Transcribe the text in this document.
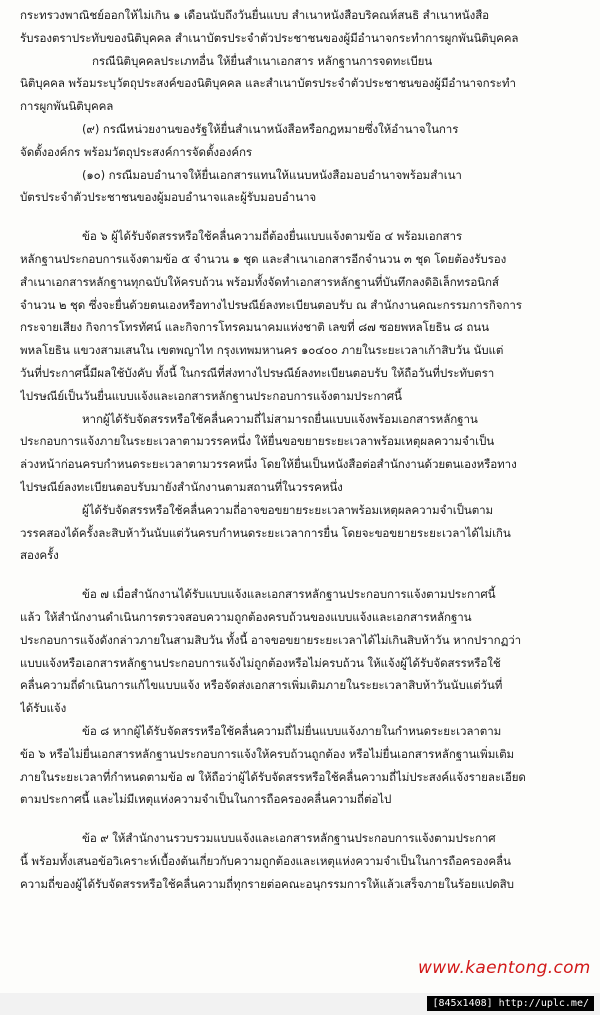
กระทรวงพาณิชย์ออกให้ไม่เกิน ๑ เดือนนับถึงวันยื่นแบบ สำเนาหนังสือบริคณห์สนธิ สำเนาหนังสือ
รับรองตราประทับของนิติบุคคล สำเนาบัตรประจำตัวประชาชนของผู้มีอำนาจกระทำการผูกพันนิติบุคคล
กรณีนิติบุคคลประเภทอื่น ให้ยื่นสำเนาเอกสาร หลักฐานการจดทะเบียน
นิติบุคคล พร้อมระบุวัตถุประสงค์ของนิติบุคคล และสำเนาบัตรประจำตัวประชาชนของผู้มีอำนาจกระทำ
การผูกพันนิติบุคคล
(๙) กรณีหน่วยงานของรัฐให้ยื่นสำเนาหนังสือหรือกฎหมายซึ่งให้อำนาจในการ
จัดตั้งองค์กร พร้อมวัตถุประสงค์การจัดตั้งองค์กร
(๑๐) กรณีมอบอำนาจให้ยื่นเอกสารแทนให้แนบหนังสือมอบอำนาจพร้อมสำเนา
บัตรประจำตัวประชาชนของผู้มอบอำนาจและผู้รับมอบอำนาจ
ข้อ ๖ ผู้ได้รับจัดสรรหรือใช้คลื่นความถี่ต้องยื่นแบบแจ้งตามข้อ ๔ พร้อมเอกสาร
หลักฐานประกอบการแจ้งตามข้อ ๕ จำนวน ๑ ชุด และสำเนาเอกสารอีกจำนวน ๓ ชุด โดยต้องรับรอง
สำเนาเอกสารหลักฐานทุกฉบับให้ครบถ้วน พร้อมทั้งจัดทำเอกสารหลักฐานที่บันทึกลงดิอิเล็กทรอนิกส์
จำนวน ๒ ชุด ซึ่งจะยื่นด้วยตนเองหรือทางไปรษณีย์ลงทะเบียนตอบรับ ณ สำนักงานคณะกรรมการกิจการ
กระจายเสียง กิจการโทรทัศน์ และกิจการโทรคมนาคมแห่งชาติ เลขที่ ๘๗ ซอยพหลโยธิน ๘ ถนน
พหลโยธิน แขวงสามเสนใน เขตพญาไท กรุงเทพมหานคร ๑๐๔๐๐ ภายในระยะเวลาเก้าสิบวัน นับแต่
วันที่ประกาศนี้มีผลใช้บังคับ ทั้งนี้ ในกรณีที่ส่งทางไปรษณีย์ลงทะเบียนตอบรับ ให้ถือวันที่ประทับตรา
ไปรษณีย์เป็นวันยื่นแบบแจ้งและเอกสารหลักฐานประกอบการแจ้งตามประกาศนี้
หากผู้ได้รับจัดสรรหรือใช้คลื่นความถี่ไม่สามารถยื่นแบบแจ้งพร้อมเอกสารหลักฐาน
ประกอบการแจ้งภายในระยะเวลาตามวรรคหนึ่ง ให้ยื่นขอขยายระยะเวลาพร้อมเหตุผลความจำเป็น
ล่วงหน้าก่อนครบกำหนดระยะเวลาตามวรรคหนึ่ง โดยให้ยื่นเป็นหนังสือต่อสำนักงานด้วยตนเองหรือทาง
ไปรษณีย์ลงทะเบียนตอบรับมายังสำนักงานตามสถานที่ในวรรคหนึ่ง
ผู้ได้รับจัดสรรหรือใช้คลื่นความถี่อาจขอขยายระยะเวลาพร้อมเหตุผลความจำเป็นตาม
วรรคสองได้ครั้งละสิบห้าวันนับแต่วันครบกำหนดระยะเวลาการยื่น โดยจะขอขยายระยะเวลาได้ไม่เกิน
สองครั้ง
ข้อ ๗ เมื่อสำนักงานได้รับแบบแจ้งและเอกสารหลักฐานประกอบการแจ้งตามประกาศนี้
แล้ว ให้สำนักงานดำเนินการตรวจสอบความถูกต้องครบถ้วนของแบบแจ้งและเอกสารหลักฐาน
ประกอบการแจ้งดังกล่าวภายในสามสิบวัน ทั้งนี้ อาจขอขยายระยะเวลาได้ไม่เกินสิบห้าวัน หากปรากฏว่า
แบบแจ้งหรือเอกสารหลักฐานประกอบการแจ้งไม่ถูกต้องหรือไม่ครบถ้วน ให้แจ้งผู้ได้รับจัดสรรหรือใช้
คลื่นความถี่ดำเนินการแก้ไขแบบแจ้ง หรือจัดส่งเอกสารเพิ่มเติมภายในระยะเวลาสิบห้าวันนับแต่วันที่
ได้รับแจ้ง
ข้อ ๘ หากผู้ได้รับจัดสรรหรือใช้คลื่นความถี่ไม่ยื่นแบบแจ้งภายในกำหนดระยะเวลาตาม
ข้อ ๖ หรือไม่ยื่นเอกสารหลักฐานประกอบการแจ้งให้ครบถ้วนถูกต้อง หรือไม่ยื่นเอกสารหลักฐานเพิ่มเติม
ภายในระยะเวลาที่กำหนดตามข้อ ๗ ให้ถือว่าผู้ได้รับจัดสรรหรือใช้คลื่นความถี่ไม่ประสงค์แจ้งรายละเอียด
ตามประกาศนี้ และไม่มีเหตุแห่งความจำเป็นในการถือครองคลื่นความถี่ต่อไป
ข้อ ๙ ให้สำนักงานรวบรวมแบบแจ้งและเอกสารหลักฐานประกอบการแจ้งตามประกาศ
นี้ พร้อมทั้งเสนอข้อวิเคราะห์เบื้องต้นเกี่ยวกับความถูกต้องและเหตุแห่งความจำเป็นในการถือครองคลื่น
ความถี่ของผู้ได้รับจัดสรรหรือใช้คลื่นความถี่ทุกรายต่อคณะอนุกรรมการให้แล้วเสร็จภายในร้อยแปดสิบ
www.kaentong.com
[845x1408] http://uplc.me/
